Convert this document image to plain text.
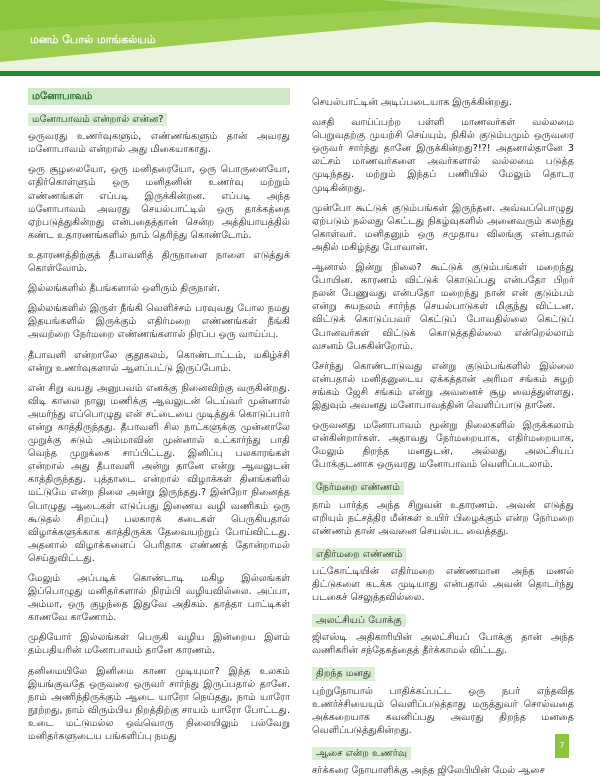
மனம் போல் மாங்கல்யம்
மனோபாவம்
மனோபாவம் என்றால் என்ன?

ஒருவரது உணர்வுகளும், எண்ணங்களும் தான் அவரது மனோபாவம் என்றால் அது மிகையாகாது.
ஒரு சூழலையோ, ஒரு மனிதரையோ, ஒரு பொருளையோ, எதிர்கொள்ளும் ஒரு மனிதனின் உணர்வு மற்றும் எண்ணங்கள் எப்படி இருக்கின்றன. எப்படி அந்த மனோபாவம் அவரது செயல்பாட்டில் ஒரு தாக்கத்தை ஏற்படுத்துகின்றது என்பதைத்தான் சென்ற அத்தியாயத்தில் கண்ட உதாரணங்களில் நாம் தெரிந்து கொண்டோம்.
உதாரணத்திற்குத் தீபாவளித் திருநாளை நாளை எடுத்துக் கொள்வோம்.
இல்லங்களில் தீபங்களால் ஒளிரும் திருநாள்.
இல்லங்களில் இருள் நீங்கி வெளிச்சம் பரவுவது போல நமது இதயங்களில் இருக்கும் எதிர்மறை எண்ணங்கள் நீங்கி அவற்றை நேர்மறை எண்ணங்களால் நிரப்ப ஒரு வாய்ப்பு.
தீபாவளி என்றாலே குதூகலம், கொண்டாட்டம், மகிழ்ச்சி என்று உணர்வுகளால் ஆளப்பட்டு இருப்போம்.
என் சிறு வயது அனுபவம் எனக்கு நினைவிற்கு வருகின்றது. விடி காலை நாலு மணிக்கு ஆவலுடன் டெய்வர் முன்னால் அமர்ந்து எப்பொழுது என் சட்டையை முடித்துக் கொடுப்பார் என்று காத்திருந்தது. தீபாவளி சில நாட்களுக்கு முன்னாலே முறுக்கு சுடும் அம்மாவின் முன்னால் உட்கார்ந்து பாதி வெந்த முறுக்கை சாப்பிட்டது. இனிப்பு பலகாரங்கள் என்றால் அது தீபாவளி அன்று தானே என்று ஆவலுடன் காத்திருந்தது. புத்தாடை என்றால் விழாக்கள் தினங்களில் மட்டுமே என்ற நிலை அன்று இருந்தது.? இன்றோ நினைத்த பொழுது ஆடைகள் எடுப்பது இணைய வழி வணிகம் ஒரு கூடுதல் சிறப்பு) பலகாரக் கடைகள் பெருகியதால் விழாக்களுக்காக காத்திருக்க தேவையற்றுப் போய்விட்டது. அதனால் விழாக்களைப் பெரிதாக எண்ணத் தோன்றாமல் செய்துவிட்டது.
மேலும் அப்படிக் கொண்டாடி மகிழ இல்லங்கள் இப்பொழுது மனிதர்களால் நிரம்பி வழியவில்லை. அப்பா, அம்மா, ஒரு குழந்தை இதுவே அதிகம். தாத்தா பாட்டிகள் காணவே காணோம்.
முதியோர் இல்லங்கள் பெருகி வழிய இன்றைய இளம் தம்பதியரின் மனோபாவம் தானே காரணம்.
தனிமையிலே இனிமை காண முடியுமா? இந்த உலகம் இயங்குவதே ஒருவரை ஒருவர் சார்ந்து இருப்பதால் தானே. நாம் அணிந்திருக்கும் ஆடை யாரோ நெய்தது, நாம் யாரோ நூற்றது, நாம் விரும்பிய நிறத்திற்கு சாயம் யாரோ போட்டது. உடை மட்டுமல்ல ஒவ்வொரு நிலையிலும் பல்வேறு மனிதர்களுடைய பங்களிப்பு நமது
செயல்பாட்டின் அடிப்படையாக இருக்கின்றது.
வசதி வாய்ப்பற்ற பள்ளி மாணவர்கள் வல்லமை பெறுவதற்கு முயற்சி செய்யும், நிகில் குடும்பமும் ஒருவரை ஒருவர் சார்ந்து தானே இருக்கின்றது?!?! அதனால்தானே 3 லட்சம் மாணவர்களை அவர்களால் வல்லமை படுத்த முடிந்தது. மற்றும் இந்தப் பணியில் மேலும் தொடர முடிகின்றது.
முன்போ கூட்டுக் குடும்பங்கள் இருந்தன. அவ்வப்பொழுது ஏற்படும் நல்லது கெட்டது நிகழ்வுகளில் அனைவரும் கலந்து கொள்வர். மனிதனும் ஒரு சமுதாய விலங்கு என்பதால் அதில் மகிழ்ந்து போவான்.
ஆனால் இன்று நிலை? கூட்டுக் குடும்பங்கள் மறைந்து போயின. காரணம் விட்டுக் கொடுப்பது என்பதோ பிறர் நலன் பேணுவது என்பதோ மறைந்து நான் என் குடும்பம் என்று சுயநலம் சார்ந்த செயல்பாடுகள் மிகுந்து விட்டன. விட்டுக் கொடுப்பவர் கெட்டுப் போவதில்லை கெட்டுப் போனவர்கள் விட்டுக் கொடுத்ததில்லை என்றெல்லாம் வசனம் பேசுகின்றோம்.
சேர்ந்து கொண்டாடுவது என்று குடும்பங்களில் இல்லை என்பதால் மனிதனுடைய ஏக்கத்தான் அரிமா சங்கம் சுழற் சங்கம் ஜேசி சங்கம் என்று அவனைச் சூழ வைத்துள்ளது. இதுவும் அவனது மனோபாவத்தின் வெளிப்பாடு தானே.
ஒருவனது மனோபாவம் மூன்று நிலைகளில் இருக்கலாம் என்கின்றார்கள். அதாவது நேர்மறையாக, எதிர்மறையாக, மேலும் திறந்த மனதுடன், அல்லது அலட்சியப் போக்குடனாக ஒருவரது மனோபாவம் வெளிப்படலாம்.
நேர்மறை எண்ணம்

நாம் பார்த்த அந்த சிறுவன் உதாரணம். அவன் எடுத்து எறியும் நட்சத்திர மீன்கள் உயிர் பிழைக்கும் என்ற நேர்மறை எண்ணம் தான் அவனை செயல்பட வைத்தது.
எதிர்மறை எண்ணம்

பட்கோட்டியின் எதிர்மறை எண்ணமான அந்த மணல் திட்டுகளை கடக்க முடியாது என்பதால் அவன் தொடர்ந்து படகைச் செலுத்தவில்லை.
அலட்சியப் போக்கு

ஜிஎஸ்டி அதிகாரியின் அலட்சியப் போக்கு தான் அந்த வணிகரின் சந்தேகத்தைத் தீர்க்காமல் விட்டது.
திறந்த மனது

புற்றுநோயால் பாதிக்கப்பட்ட ஒரு நபர் எந்தவித உணர்ச்சியையும் வெளிப்படுத்தாது மருத்துவர் சொல்வதை அக்கறையாக கவனிப்பது அவரது திறந்த மனதை வெளிப்படுத்துகின்றது.
ஆசை என்ற உணர்வு

சர்க்கரை நோயாளிக்கு அந்த ஜிலேபியின் மேல் ஆசை
7
